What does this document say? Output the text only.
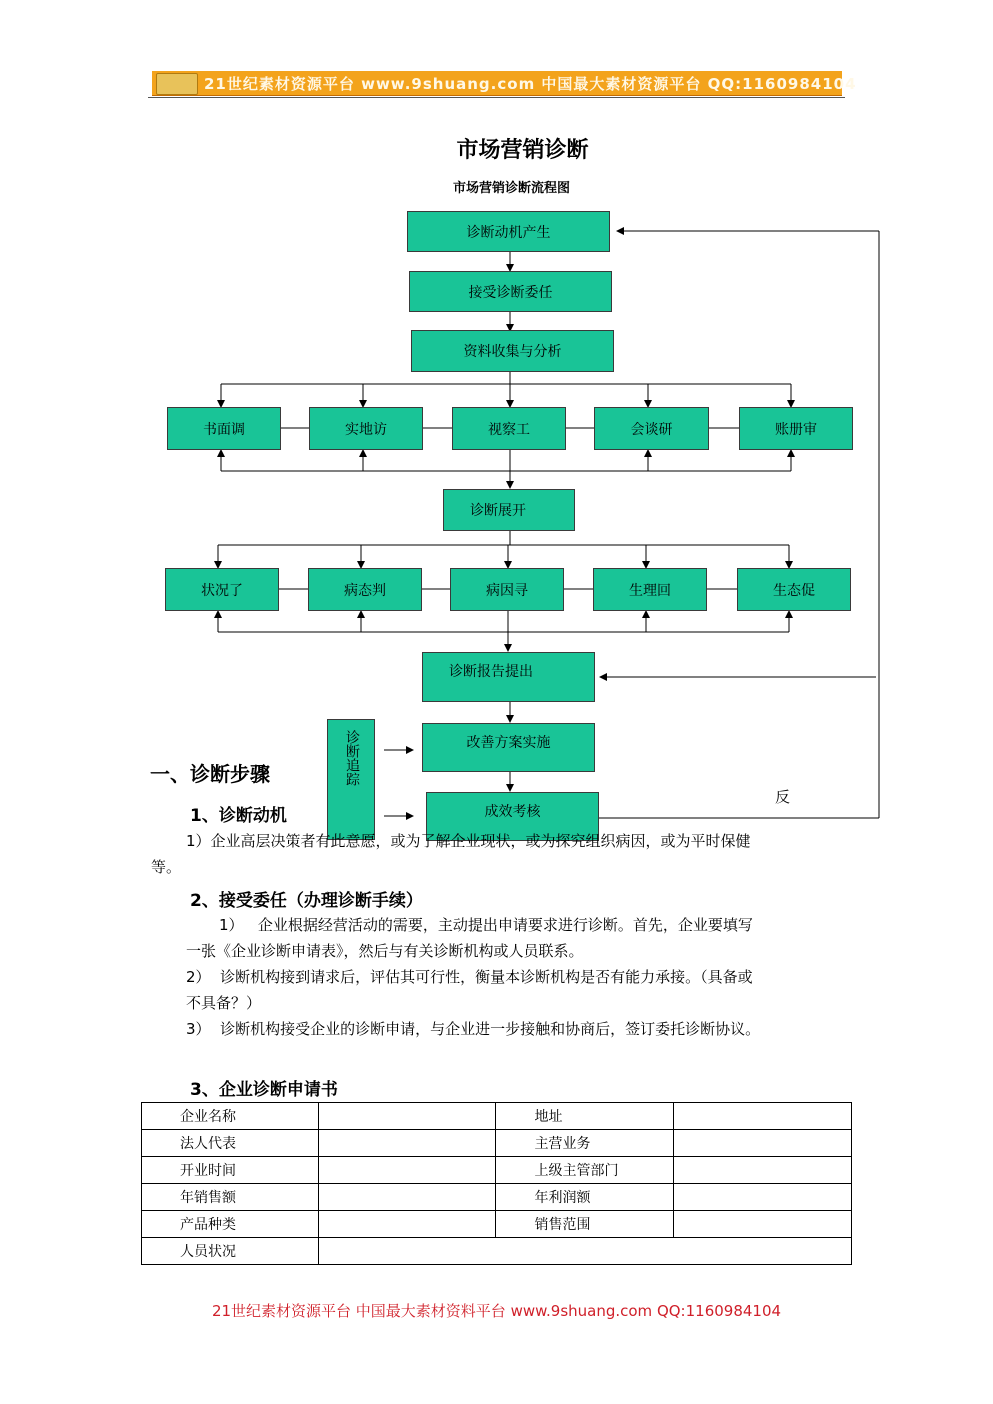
21世纪素材资源平台 www.9shuang.com 中国最大素材资源平台 QQ:1160984104
市场营销诊断
市场营销诊断流程图
诊断动机产生
接受诊断委任
资料收集与分析
书面调	实地访	视察工	会谈研	账册审
诊断展开
状况了	病态判	病因寻	生理回	生态促
诊断报告提出
改善方案实施
成效考核
诊断追踪
反
一、诊断步骤
1、诊断动机
1）企业高层决策者有此意愿，或为了解企业现状，或为探究组织病因，或为平时保健
等。
2、接受委任（办理诊断手续）
1）   企业根据经营活动的需要，主动提出申请要求进行诊断。首先，企业要填写
一张《企业诊断申请表》，然后与有关诊断机构或人员联系。
2）  诊断机构接到请求后，评估其可行性，衡量本诊断机构是否有能力承接。（具备或
不具备？）
3）  诊断机构接受企业的诊断申请，与企业进一步接触和协商后，签订委托诊断协议。
3、企业诊断申请书
企业名称		地址	
法人代表		主营业务	
开业时间		上级主管部门	
年销售额		年利润额	
产品种类		销售范围	
人员状况			
21世纪素材资源平台 中国最大素材资料平台 www.9shuang.com QQ:1160984104
